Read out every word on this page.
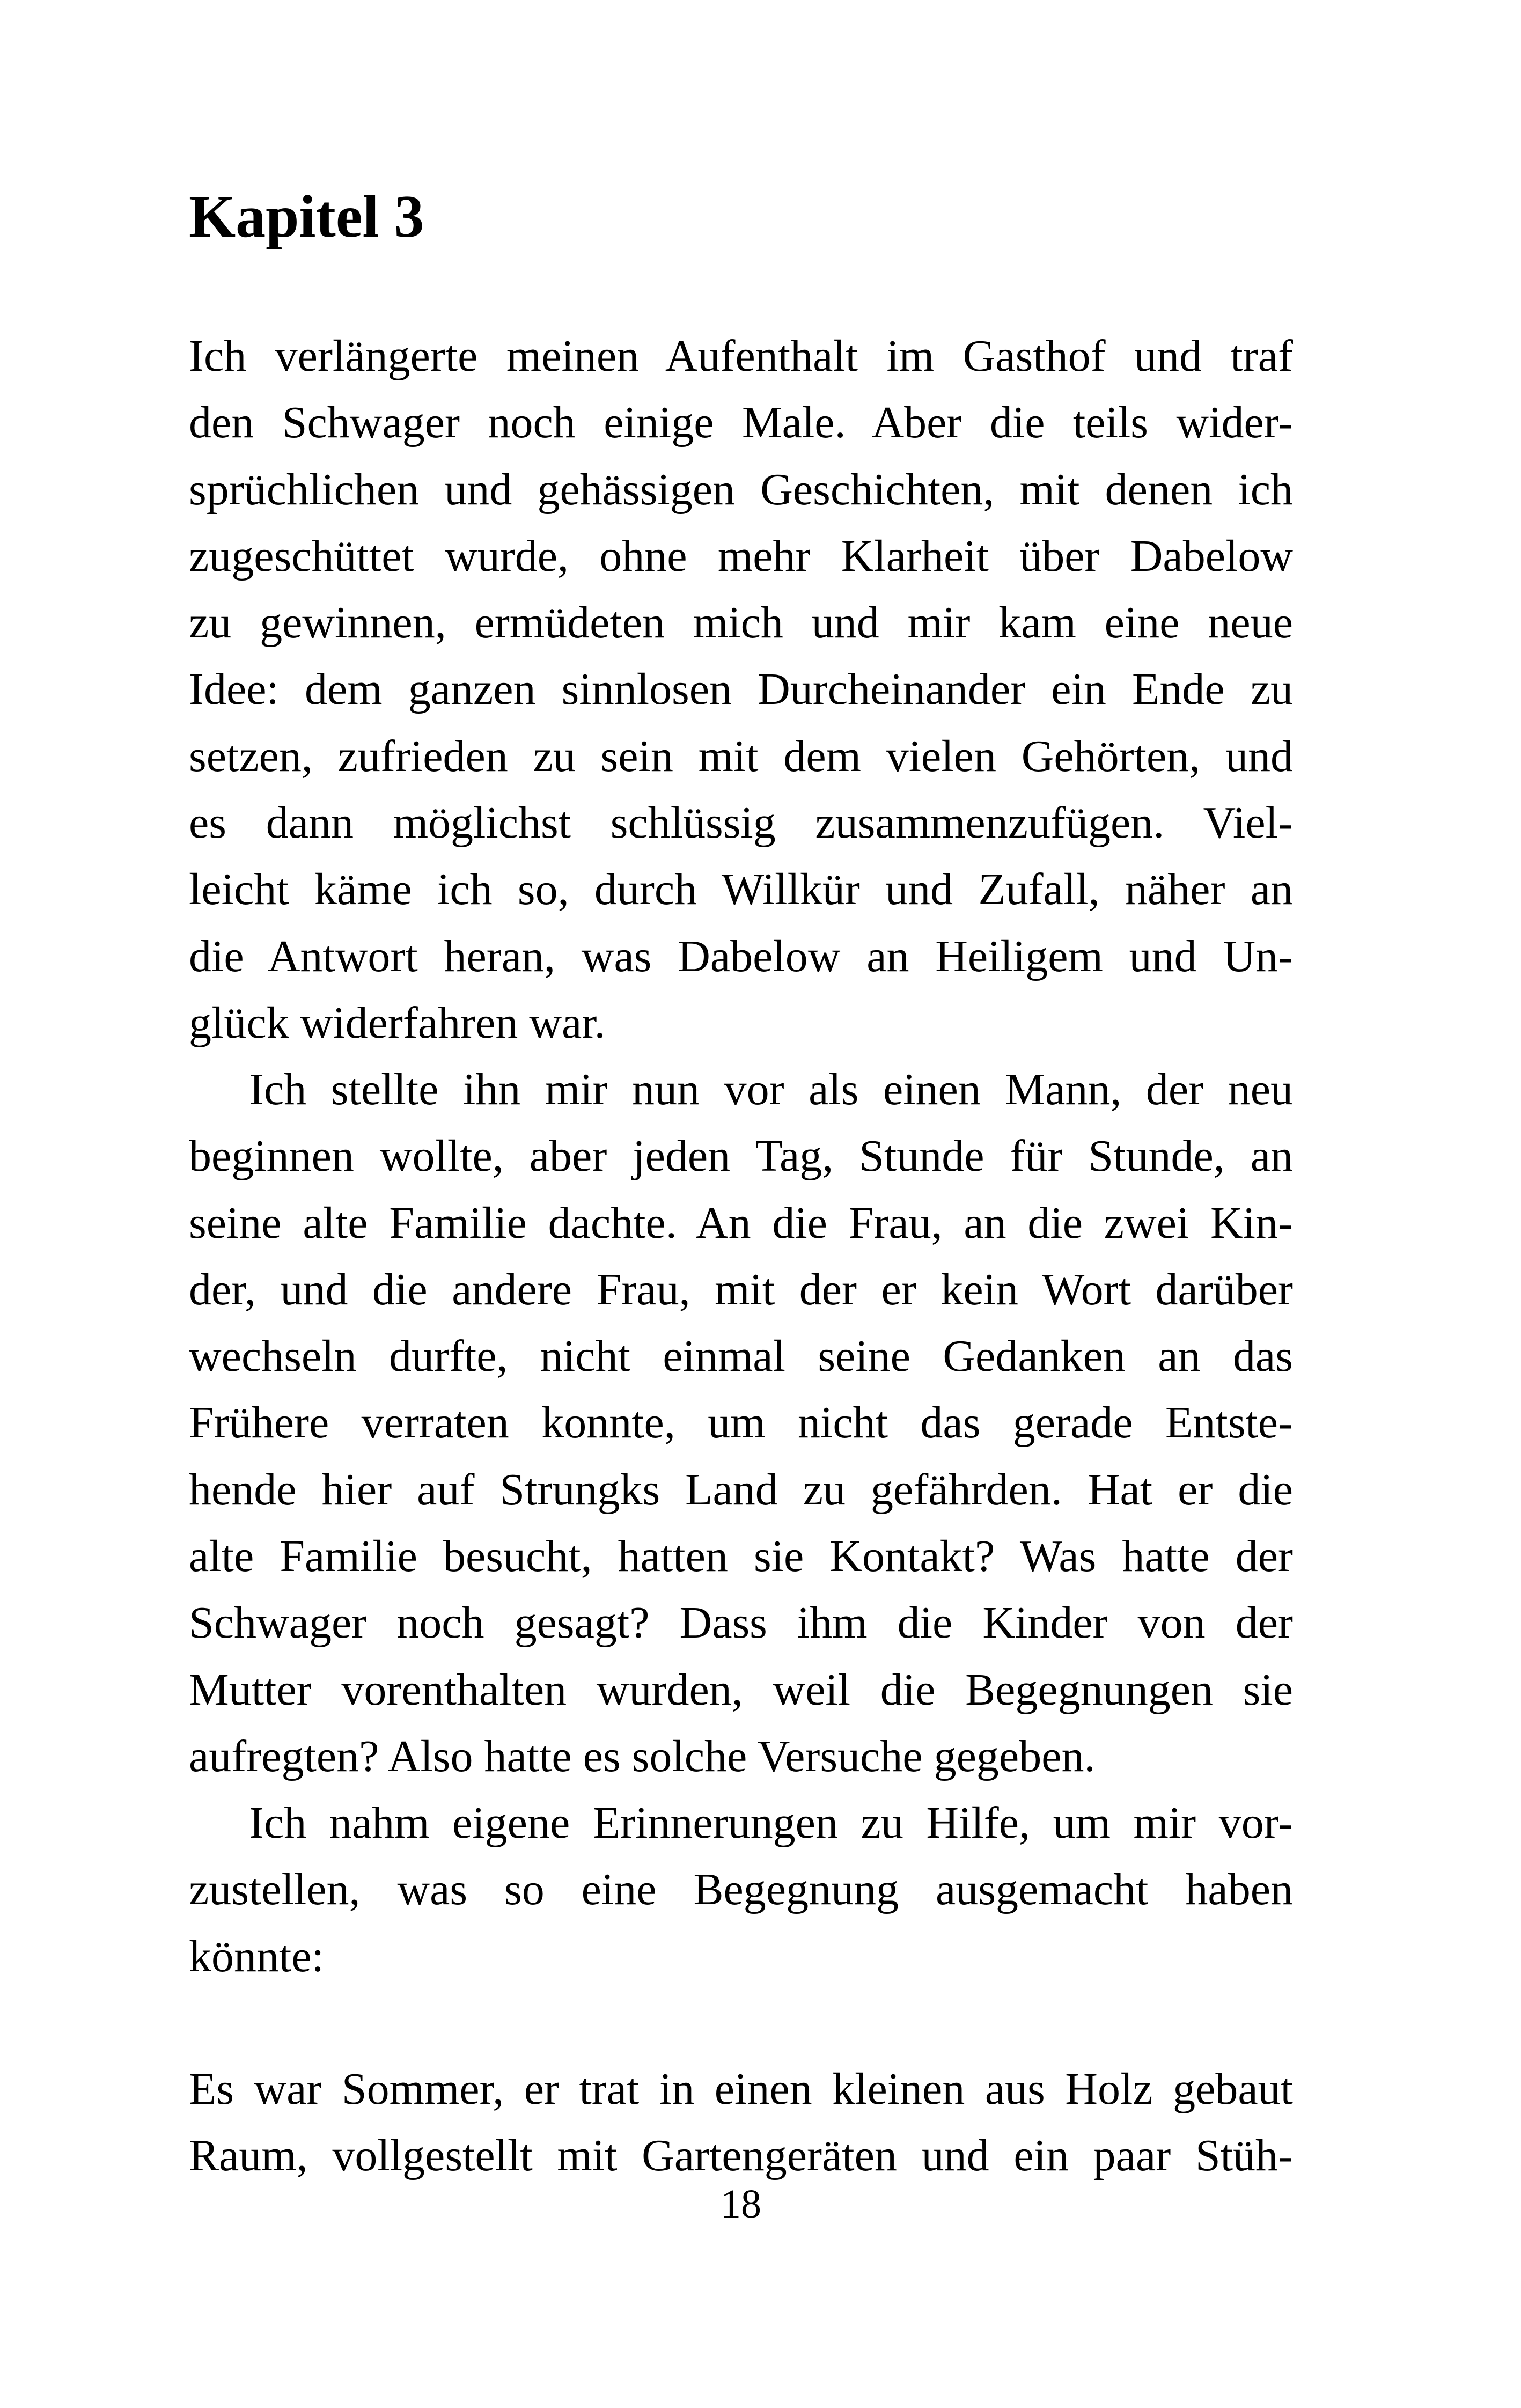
Kapitel 3
Ich verlängerte meinen Aufenthalt im Gasthof und traf
den Schwager noch einige Male. Aber die teils wider-
sprüchlichen und gehässigen Geschichten, mit denen ich
zugeschüttet wurde, ohne mehr Klarheit über Dabelow
zu gewinnen, ermüdeten mich und mir kam eine neue
Idee: dem ganzen sinnlosen Durcheinander ein Ende zu
setzen, zufrieden zu sein mit dem vielen Gehörten, und
es dann möglichst schlüssig zusammenzufügen. Viel-
leicht käme ich so, durch Willkür und Zufall, näher an
die Antwort heran, was Dabelow an Heiligem und Un-
glück widerfahren war.
Ich stellte ihn mir nun vor als einen Mann, der neu
beginnen wollte, aber jeden Tag, Stunde für Stunde, an
seine alte Familie dachte. An die Frau, an die zwei Kin-
der, und die andere Frau, mit der er kein Wort darüber
wechseln durfte, nicht einmal seine Gedanken an das
Frühere verraten konnte, um nicht das gerade Entste-
hende hier auf Strungks Land zu gefährden. Hat er die
alte Familie besucht, hatten sie Kontakt? Was hatte der
Schwager noch gesagt? Dass ihm die Kinder von der
Mutter vorenthalten wurden, weil die Begegnungen sie
aufregten? Also hatte es solche Versuche gegeben.
Ich nahm eigene Erinnerungen zu Hilfe, um mir vor-
zustellen, was so eine Begegnung ausgemacht haben
könnte:
Es war Sommer, er trat in einen kleinen aus Holz gebaut
Raum, vollgestellt mit Gartengeräten und ein paar Stüh-
18
